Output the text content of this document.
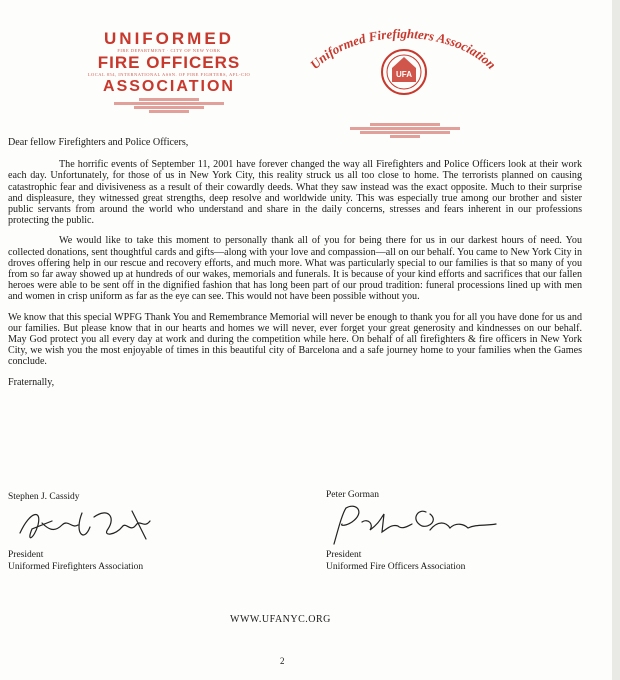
UNIFORMED
FIRE DEPARTMENT · CITY OF NEW YORK
FIRE OFFICERS
LOCAL 854, INTERNATIONAL ASSN. OF FIRE FIGHTERS, AFL-CIO
ASSOCIATION
Uniformed Firefighters Association
UFA

Dear fellow Firefighters and Police Officers,

The horrific events of September 11, 2001 have forever changed the way all Firefighters and Police Officers look at their work each day. Unfortunately, for those of us in New York City, this reality struck us all too close to home. The terrorists planned on causing catastrophic fear and divisiveness as a result of their cowardly deeds. What they saw instead was the exact opposite. Much to their surprise and displeasure, they witnessed great strengths, deep resolve and worldwide unity. This was especially true among our brother and sister public servants from around the world who understand and share in the daily concerns, stresses and fears inherent in our professions protecting the public.

We would like to take this moment to personally thank all of you for being there for us in our darkest hours of need. You collected donations, sent thoughtful cards and gifts—along with your love and compassion—all on our behalf. You came to New York City in droves offering help in our rescue and recovery efforts, and much more. What was particularly special to our families is that so many of you from so far away showed up at hundreds of our wakes, memorials and funerals. It is because of your kind efforts and sacrifices that our fallen heroes were able to be sent off in the dignified fashion that has long been part of our proud tradition: funeral processions lined up with men and women in crisp uniform as far as the eye can see. This would not have been possible without you.

We know that this special WPFG Thank You and Remembrance Memorial will never be enough to thank you for all you have done for us and our families. But please know that in our hearts and homes we will never, ever forget your great generosity and kindnesses on our behalf. May God protect you all every day at work and during the competition while here. On behalf of all firefighters & fire officers in New York City, we wish you the most enjoyable of times in this beautiful city of Barcelona and a safe journey home to your families when the Games conclude.

Fraternally,

Stephen J. Cassidy
President
Uniformed Firefighters Association
Peter Gorman
President
Uniformed Fire Officers Association
WWW.UFANYC.ORG
2
